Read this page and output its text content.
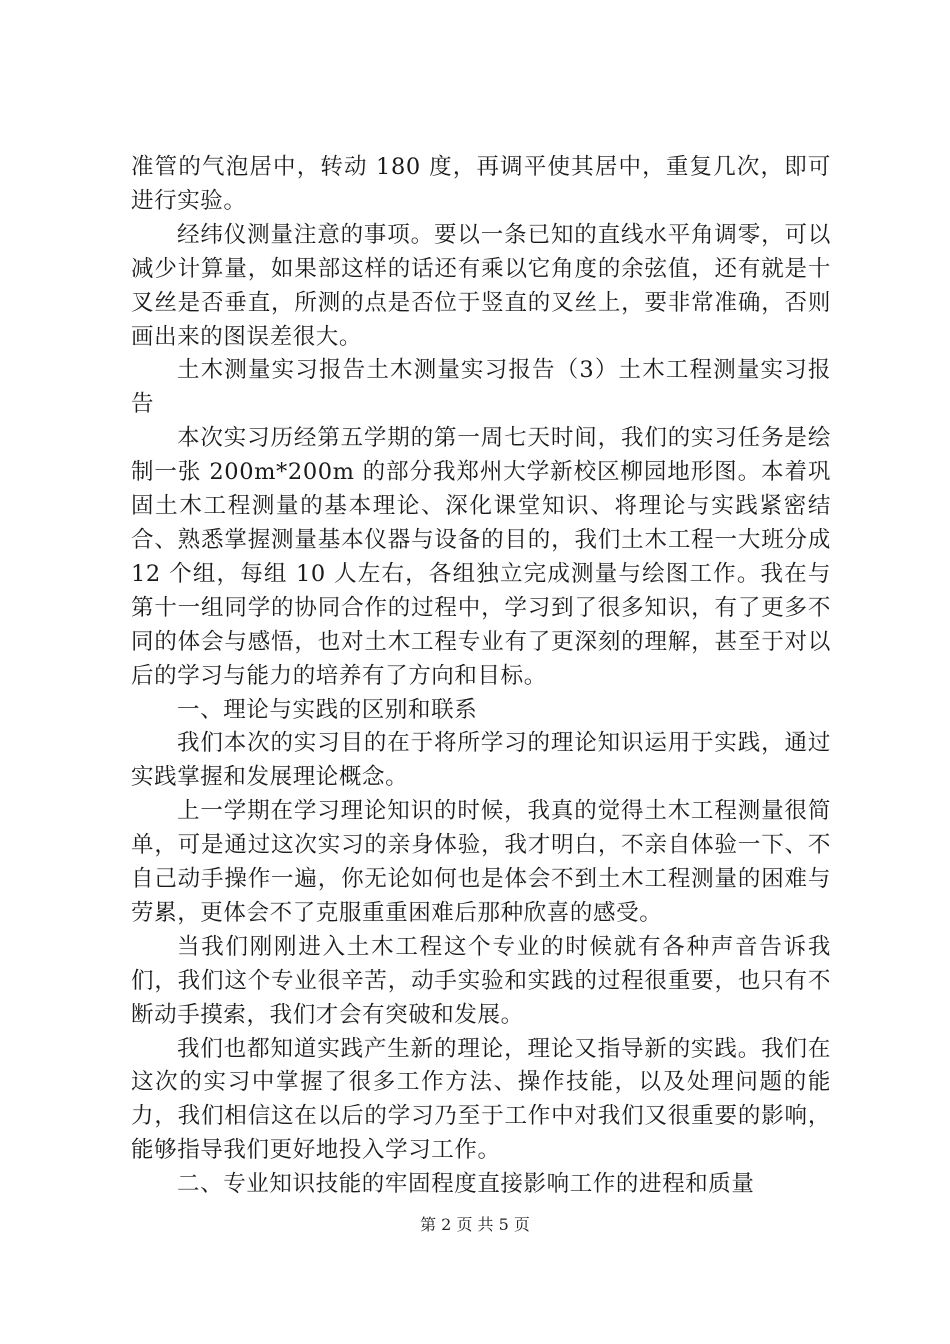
准管的气泡居中，转动 180 度，再调平使其居中，重复几次，即可进行实验。

经纬仪测量注意的事项。要以一条已知的直线水平角调零，可以减少计算量，如果部这样的话还有乘以它角度的余弦值，还有就是十叉丝是否垂直，所测的点是否位于竖直的叉丝上，要非常准确，否则画出来的图误差很大。

土木测量实习报告土木测量实习报告（3）土木工程测量实习报告

本次实习历经第五学期的第一周七天时间，我们的实习任务是绘制一张 200m*200m 的部分我郑州大学新校区柳园地形图。本着巩固土木工程测量的基本理论、深化课堂知识、将理论与实践紧密结合、熟悉掌握测量基本仪器与设备的目的，我们土木工程一大班分成 12 个组，每组 10 人左右，各组独立完成测量与绘图工作。我在与第十一组同学的协同合作的过程中，学习到了很多知识，有了更多不同的体会与感悟，也对土木工程专业有了更深刻的理解，甚至于对以后的学习与能力的培养有了方向和目标。

一、理论与实践的区别和联系

我们本次的实习目的在于将所学习的理论知识运用于实践，通过实践掌握和发展理论概念。

上一学期在学习理论知识的时候，我真的觉得土木工程测量很简单，可是通过这次实习的亲身体验，我才明白，不亲自体验一下、不自己动手操作一遍，你无论如何也是体会不到土木工程测量的困难与劳累，更体会不了克服重重困难后那种欣喜的感受。

当我们刚刚进入土木工程这个专业的时候就有各种声音告诉我们，我们这个专业很辛苦，动手实验和实践的过程很重要，也只有不断动手摸索，我们才会有突破和发展。

我们也都知道实践产生新的理论，理论又指导新的实践。我们在这次的实习中掌握了很多工作方法、操作技能，以及处理问题的能力，我们相信这在以后的学习乃至于工作中对我们又很重要的影响，能够指导我们更好地投入学习工作。

二、专业知识技能的牢固程度直接影响工作的进程和质量

第 2 页 共 5 页
